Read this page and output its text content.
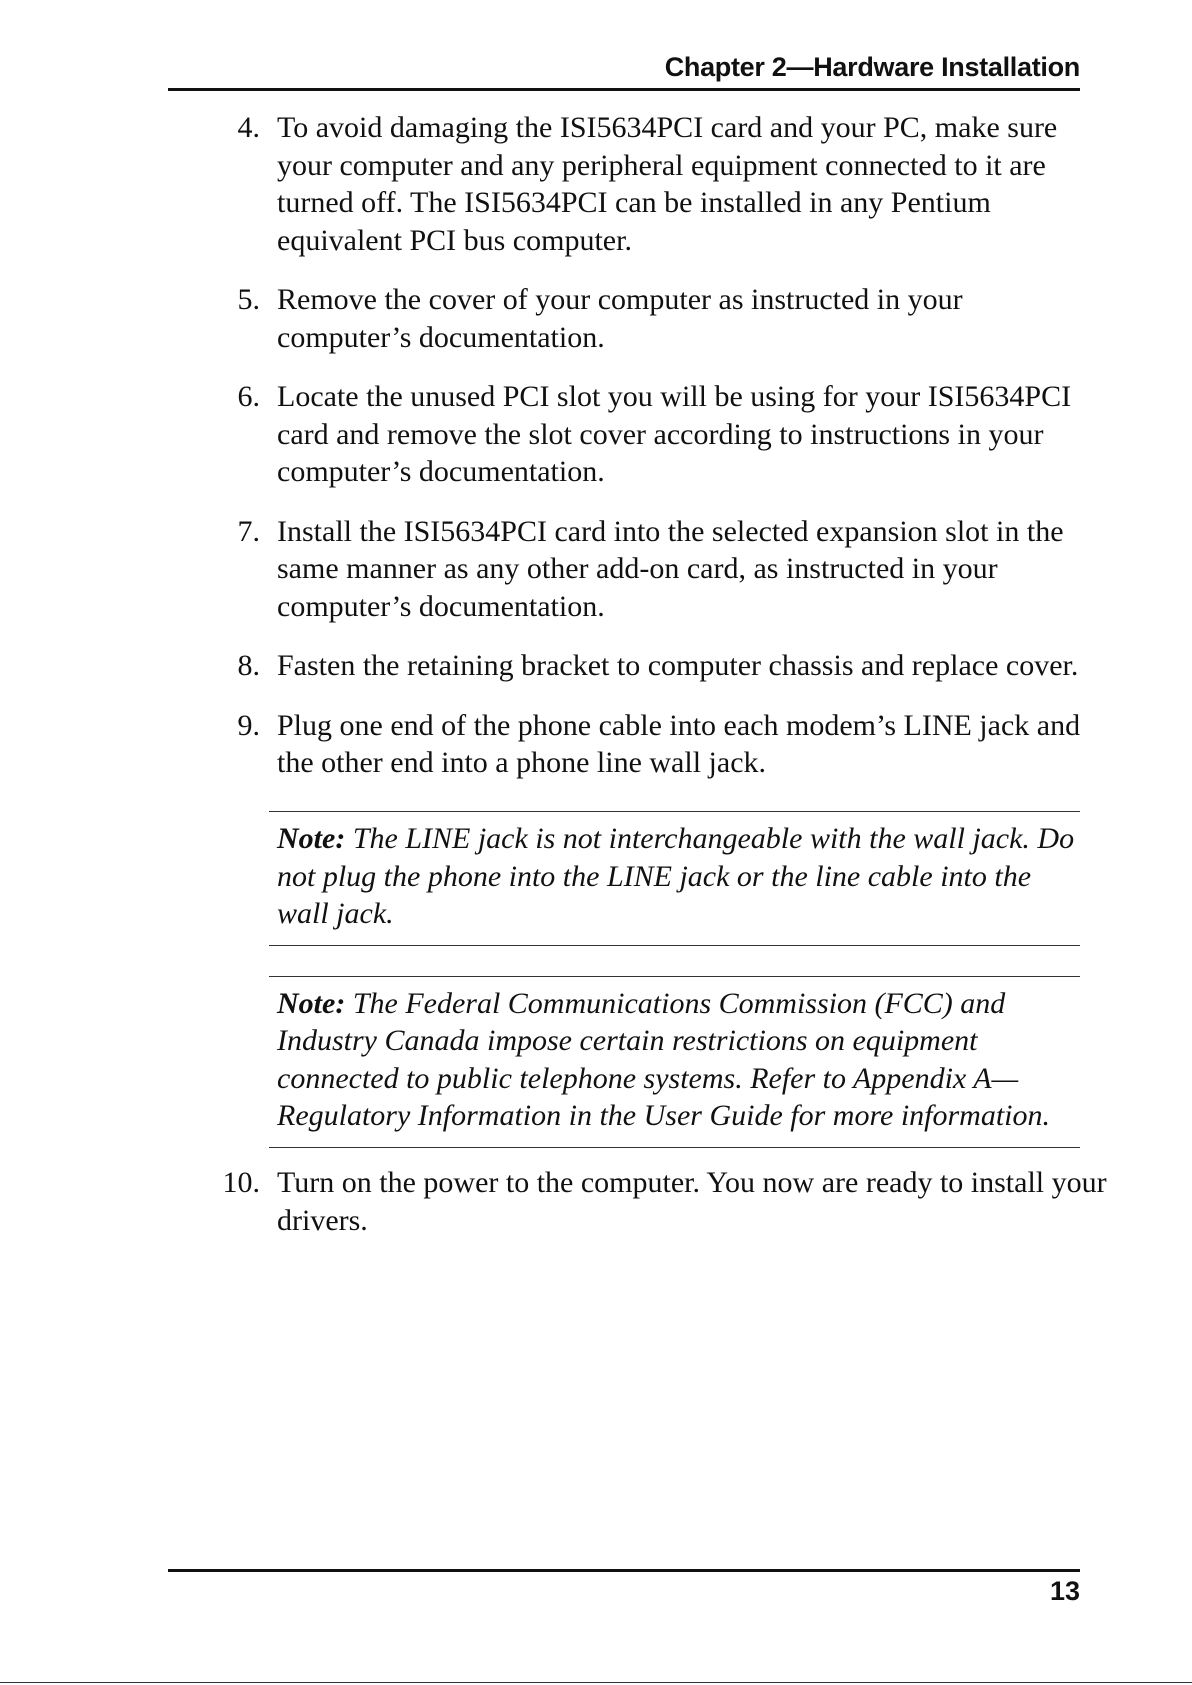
Chapter 2—Hardware Installation
4. To avoid damaging the ISI5634PCI card and your PC, make sure your computer and any peripheral equipment connected to it are turned off. The ISI5634PCI can be installed in any Pentium equivalent PCI bus computer.
5. Remove the cover of your computer as instructed in your computer’s documentation.
6. Locate the unused PCI slot you will be using for your ISI5634PCI card and remove the slot cover according to instructions in your computer’s documentation.
7. Install the ISI5634PCI card into the selected expansion slot in the same manner as any other add-on card, as instructed in your computer’s documentation.
8. Fasten the retaining bracket to computer chassis and replace cover.
9. Plug one end of the phone cable into each modem’s LINE jack and the other end into a phone line wall jack.
Note: The LINE jack is not interchangeable with the wall jack. Do not plug the phone into the LINE jack or the line cable into the wall jack.
Note: The Federal Communications Commission (FCC) and Industry Canada impose certain restrictions on equipment connected to public telephone systems. Refer to Appendix A—Regulatory Information in the User Guide for more information.
10. Turn on the power to the computer. You now are ready to install your drivers.
13
